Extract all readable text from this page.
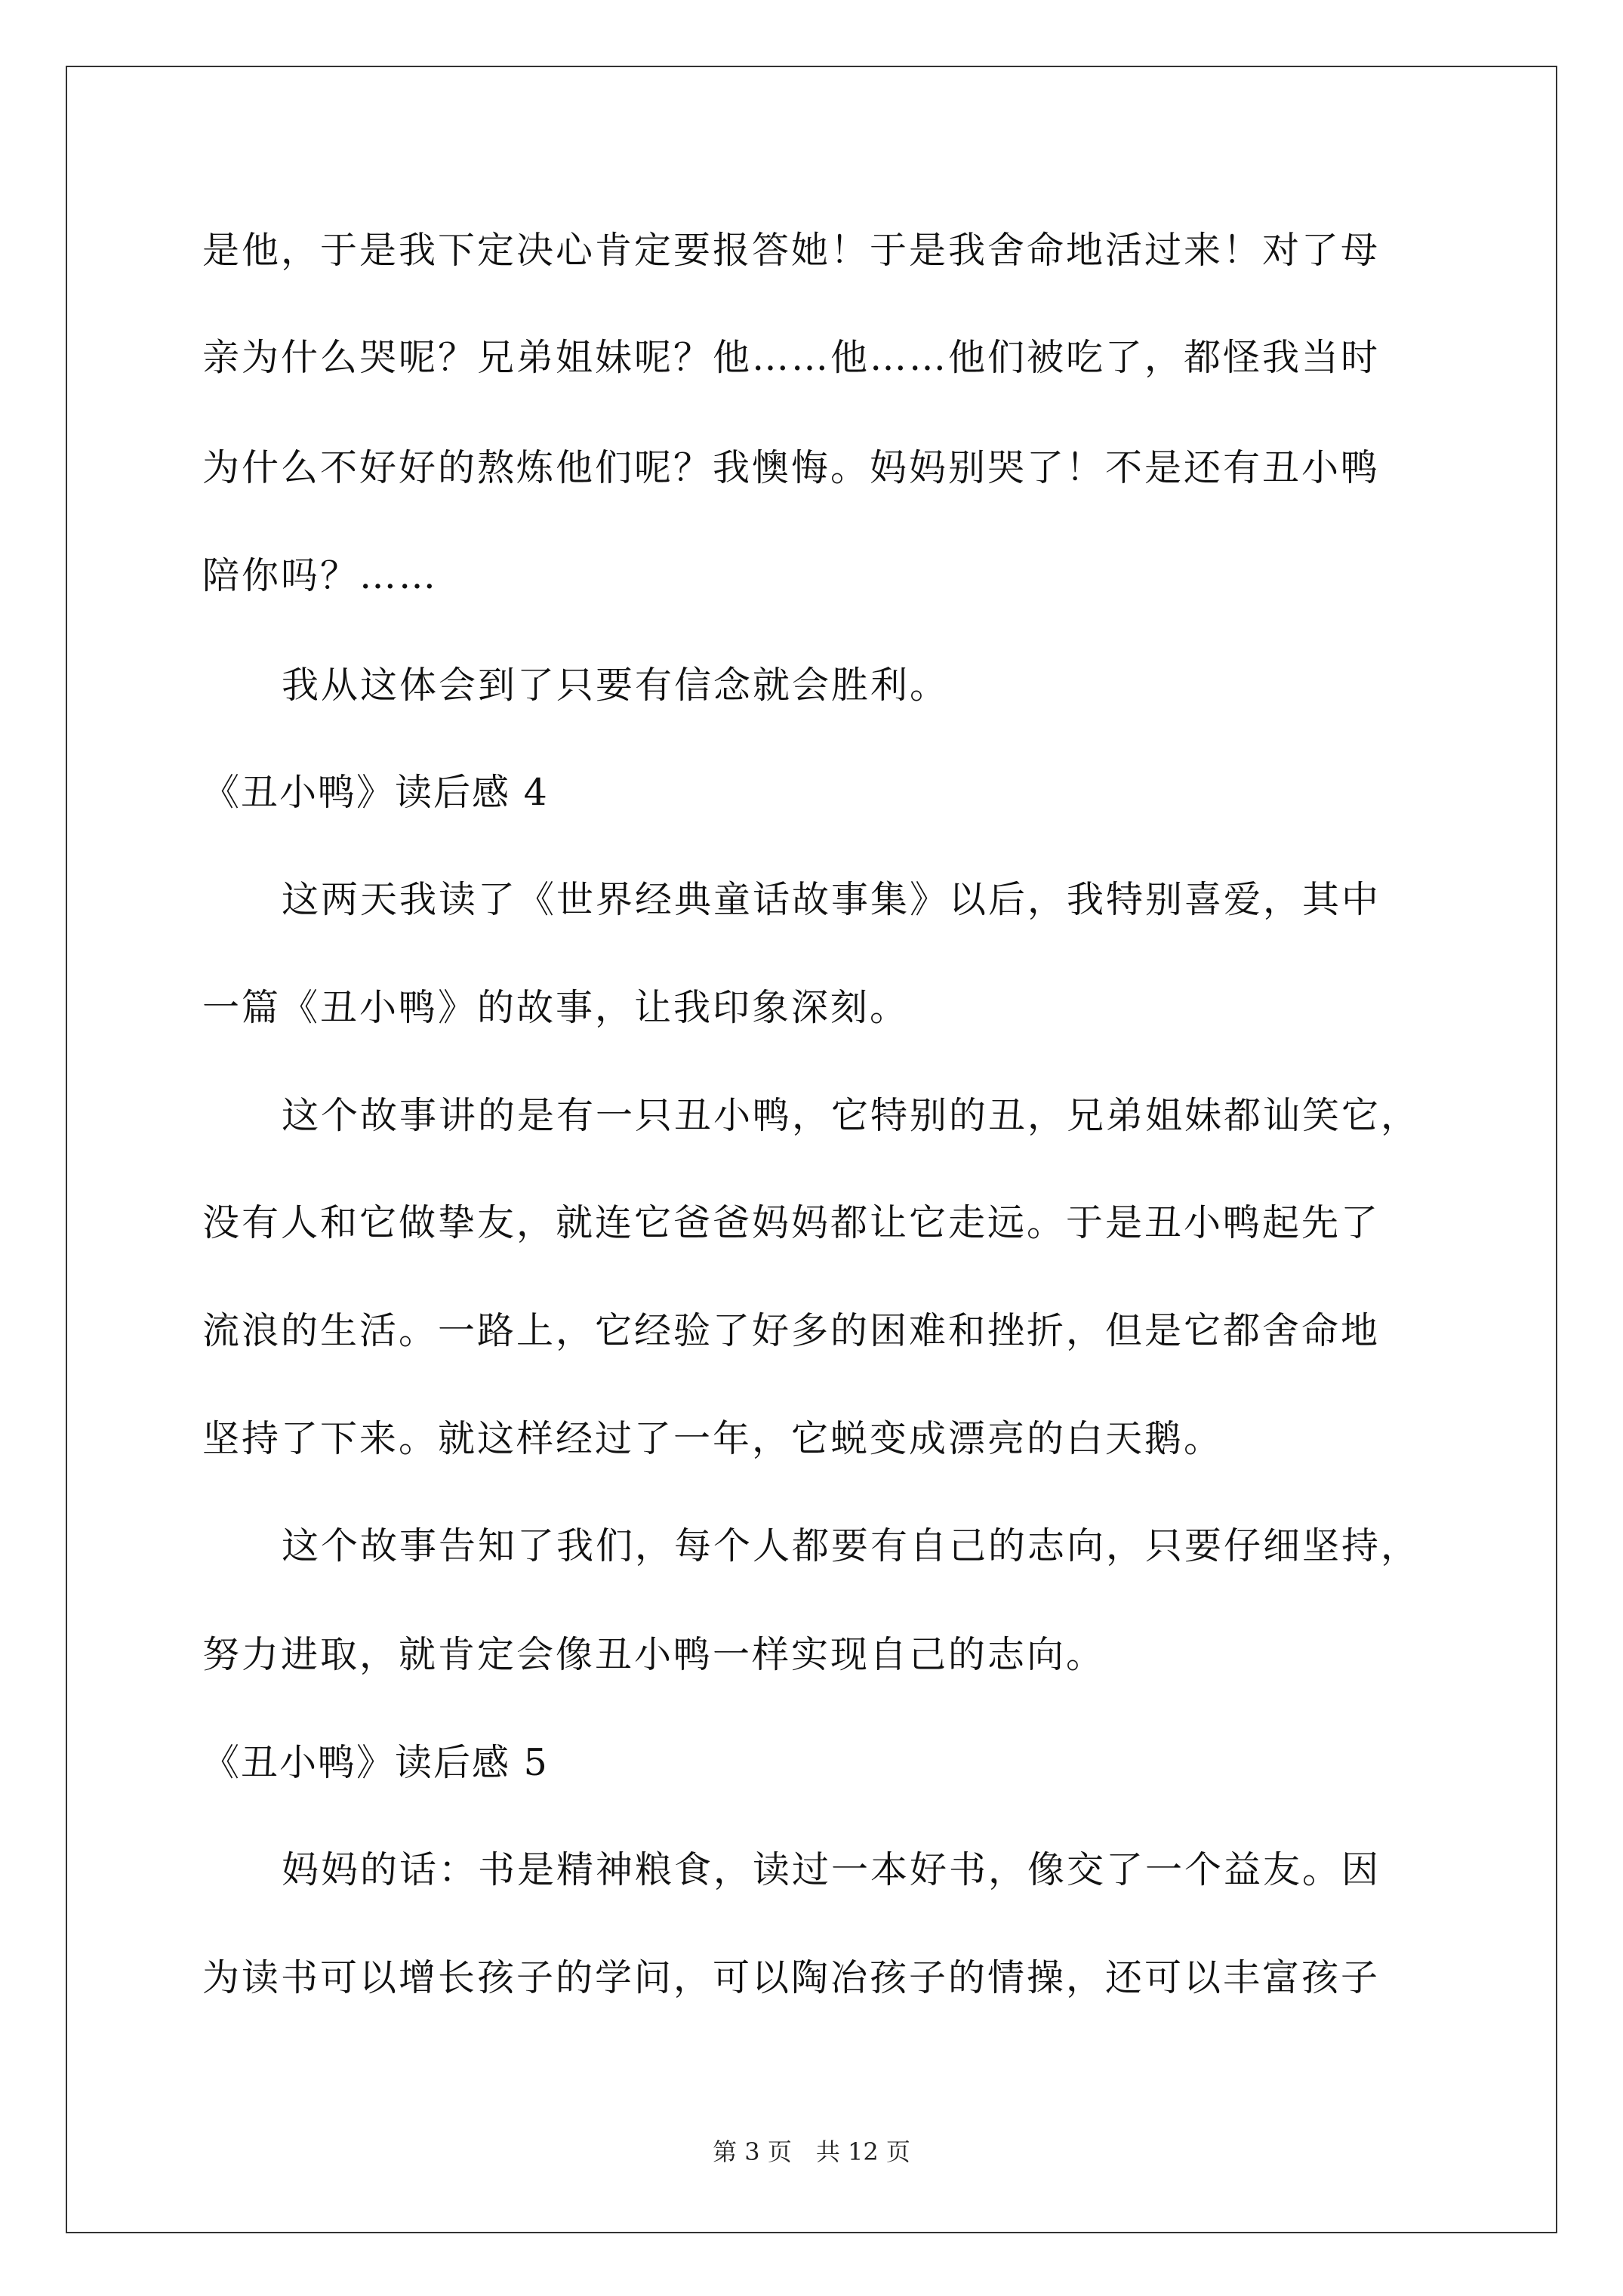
是他，于是我下定决心肯定要报答她！于是我舍命地活过来！对了母
亲为什么哭呢？兄弟姐妹呢？他……他……他们被吃了，都怪我当时
为什么不好好的熬炼他们呢？我懊悔。妈妈别哭了！不是还有丑小鸭
陪你吗？……
我从这体会到了只要有信念就会胜利。
《丑小鸭》读后感 4
这两天我读了《世界经典童话故事集》以后，我特别喜爱，其中
一篇《丑小鸭》的故事，让我印象深刻。
这个故事讲的是有一只丑小鸭，它特别的丑，兄弟姐妹都讪笑它，
没有人和它做挚友，就连它爸爸妈妈都让它走远。于是丑小鸭起先了
流浪的生活。一路上，它经验了好多的困难和挫折，但是它都舍命地
坚持了下来。就这样经过了一年，它蜕变成漂亮的白天鹅。
这个故事告知了我们，每个人都要有自己的志向，只要仔细坚持，
努力进取，就肯定会像丑小鸭一样实现自己的志向。
《丑小鸭》读后感 5
妈妈的话：书是精神粮食，读过一本好书，像交了一个益友。因
为读书可以增长孩子的学问，可以陶冶孩子的情操，还可以丰富孩子
第 3 页　共 12 页
